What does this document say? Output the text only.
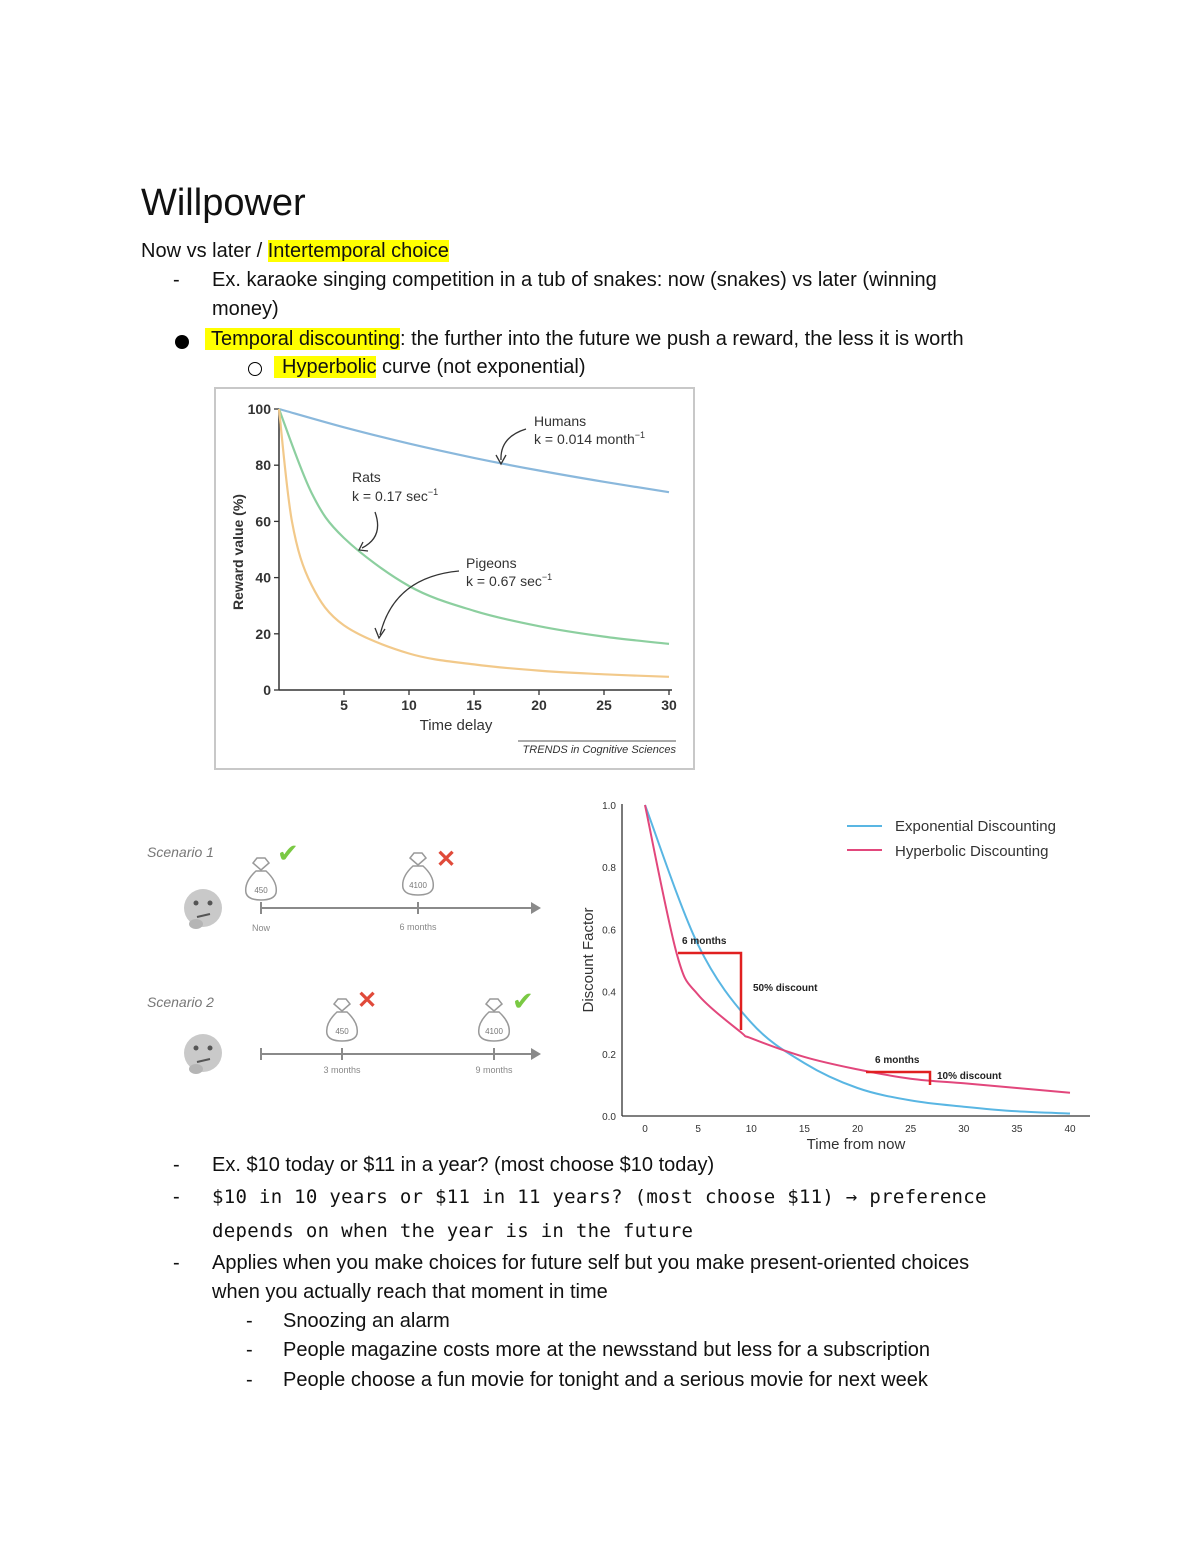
Willpower
Now vs later / Intertemporal choice
-	Ex. karaoke singing competition in a tub of snakes: now (snakes) vs later (winning
money)
Temporal discounting: the further into the future we push a reward, the less it is worth
Hyperbolic curve (not exponential)
0
20
40
60
80
100
5	10	15	20	25	30
Reward value (%)
Time delay
Humans
k = 0.014 month$^{-1}$
Rats
k = 0.17 $\sec^{-1}$
Pigeons
k = 0.67 $\sec^{-1}$
TRENDS in Cognitive Sciences
Scenario 1
Scenario 2
Now	6 months
450
4100
✔	✕
3 months	9 months
450	4100
✕	✔
0.0
0.2
0.4
0.6
0.8
1.0
0	5	10	15	20	25	30	35	40
Discount Factor
Time from now
Exponential Discounting
Hyperbolic Discounting
6 months
50% discount
6 months
10% discount
-	Ex. $10 today or $11 in a year? (most choose $10 today)
-	$10 in 10 years or $11 in 11 years? (most choose $11) → preference
depends on when the year is in the future
-	Applies when you make choices for future self but you make present-oriented choices
when you actually reach that moment in time
-	Snoozing an alarm
-	People magazine costs more at the newsstand but less for a subscription
-	People choose a fun movie for tonight and a serious movie for next week
